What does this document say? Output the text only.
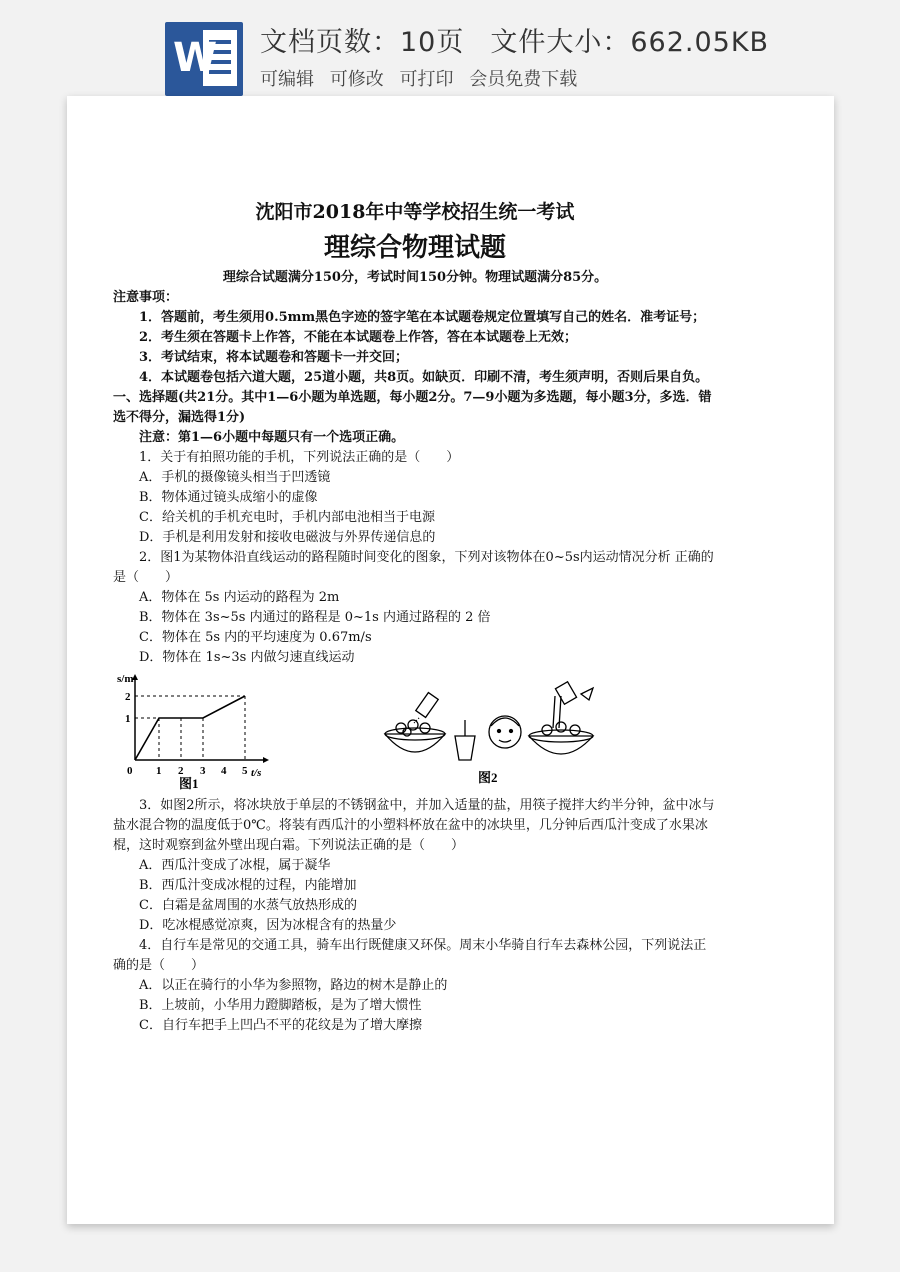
W 文档页数：10页 文件大小：662.05KB
可编辑 可修改 可打印 会员免费下载

沈阳市2018年中等学校招生统一考试

理综合物理试题

理综合试题满分150分，考试时间150分钟。物理试题满分85分。

注意事项：

1．答题前，考生须用0.5mm黑色字迹的签字笔在本试题卷规定位置填写自己的姓名．准考证号；

2．考生须在答题卡上作答，不能在本试题卷上作答，答在本试题卷上无效；

3．考试结束，将本试题卷和答题卡一并交回；

4．本试题卷包括六道大题，25道小题，共8页。如缺页．印刷不清，考生须声明，否则后果自负。

一、选择题(共21分。其中1—6小题为单选题，每小题2分。7—9小题为多选题，每小题3分，多选．错选不得分，漏选得1分)

注意：第1—6小题中每题只有一个选项正确。

1．关于有拍照功能的手机，下列说法正确的是（　　）

A．手机的摄像镜头相当于凹透镜

B．物体通过镜头成缩小的虚像

C．给关机的手机充电时，手机内部电池相当于电源

D．手机是利用发射和接收电磁波与外界传递信息的

2．图1为某物体沿直线运动的路程随时间变化的图象，下列对该物体在0~5s内运动情况分析 正确的是（　　）

A．物体在 5s 内运动的路程为 2m

B．物体在 3s~5s 内通过的路程是 0~1s 内通过路程的 2 倍

C．物体在 5s 内的平均速度为 0.67m/s

D．物体在 1s~3s 内做匀速直线运动

s/m
t/s
0 1 2 3 4 5
1
2
图1	图2

3．如图2所示，将冰块放于单层的不锈钢盆中，并加入适量的盐，用筷子搅拌大约半分钟，盆中冰与盐水混合物的温度低于0℃。将装有西瓜汁的小塑料杯放在盆中的冰块里，几分钟后西瓜汁变成了水果冰棍，这时观察到盆外壁出现白霜。下列说法正确的是（　　）

A．西瓜汁变成了冰棍，属于凝华

B．西瓜汁变成冰棍的过程，内能增加

C．白霜是盆周围的水蒸气放热形成的

D．吃冰棍感觉凉爽，因为冰棍含有的热量少

4．自行车是常见的交通工具，骑车出行既健康又环保。周末小华骑自行车去森林公园，下列说法正确的是（　　）

A．以正在骑行的小华为参照物，路边的树木是静止的

B．上坡前，小华用力蹬脚踏板，是为了增大惯性

C．自行车把手上凹凸不平的花纹是为了增大摩擦
